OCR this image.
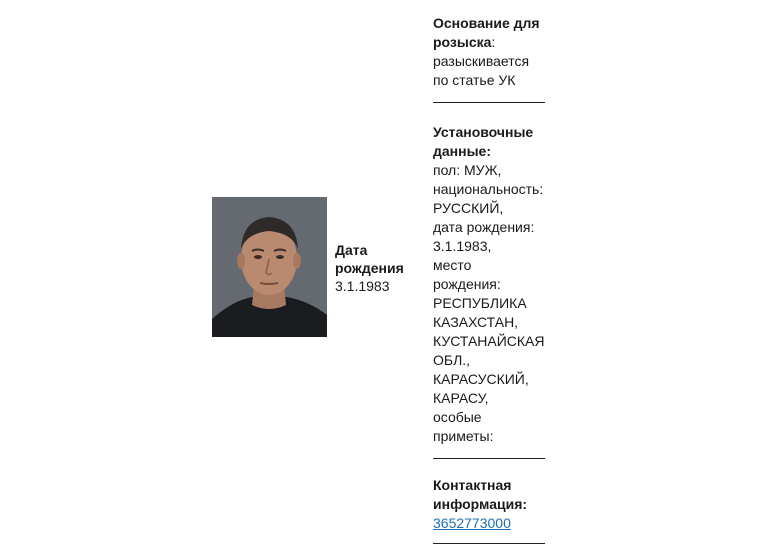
Дата
рождения
3.1.1983
Основание для
розыска:
разыскивается
по статье УК
Установочные
данные:
пол: МУЖ,
национальность:
РУССКИЙ,
дата рождения:
3.1.1983,
место
рождения:
РЕСПУБЛИКА
КАЗАХСТАН,
КУСТАНАЙСКАЯ
ОБЛ.,
КАРАСУСКИЙ,
КАРАСУ,
особые
приметы:
Контактная
информация:
3652773000
